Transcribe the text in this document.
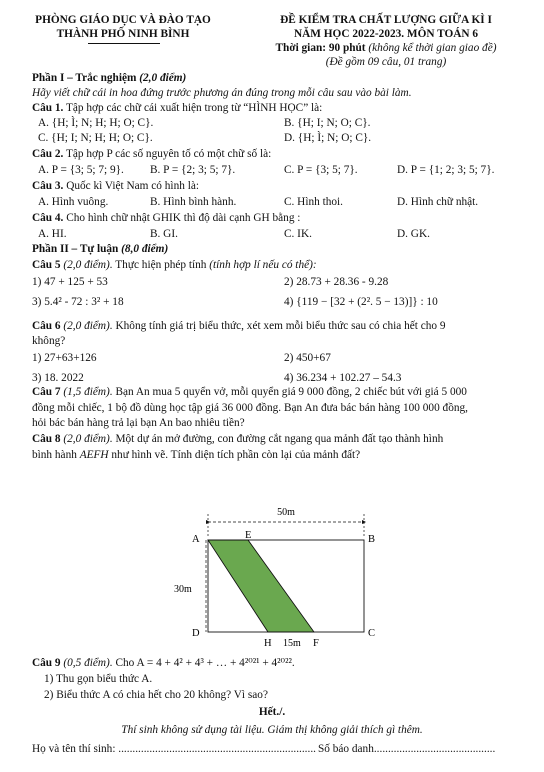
PHÒNG GIÁO DỤC VÀ ĐÀO TẠO
THÀNH PHỐ NINH BÌNH
ĐỀ KIỂM TRA CHẤT LƯỢNG GIỮA KÌ I
NĂM HỌC 2022-2023. MÔN TOÁN 6
Thời gian: 90 phút (không kể thời gian giao đề)
(Đề gồm 09 câu, 01 trang)
Phần I – Trắc nghiệm (2,0 điểm)
Hãy viết chữ cái in hoa đứng trước phương án đúng trong mỗi câu sau vào bài làm.
Câu 1. Tập hợp các chữ cái xuất hiện trong từ “HÌNH HỌC” là:
A. {H; Ì; N; H; H; O; C}.	B. {H; I; N; O; C}.
C. {H; I; N; H; H; O; C}.	D. {H; Ì; N; O; C}.
Câu 2. Tập hợp P các số nguyên tố có một chữ số là:
A. P = {3; 5; 7; 9}. B. P = {2; 3; 5; 7}.	C. P = {3; 5; 7}.	D. P = {1; 2; 3; 5; 7}.
Câu 3. Quốc kì Việt Nam có hình là:
A. Hình vuông.	B. Hình bình hành.	C. Hình thoi.	D. Hình chữ nhật.
Câu 4. Cho hình chữ nhật GHIK thì độ dài cạnh GH bằng :
A. HI.	B. GI.	C. IK.	D. GK.
Phần II – Tự luận (8,0 điểm)
Câu 5 (2,0 điểm). Thực hiện phép tính (tính hợp lí nếu có thể):
1) 47 + 125 + 53	2) 28.73 + 28.36 - 9.28
3) 5.4² - 72 : 3² + 18	4) {119 − [32 + (2². 5 − 13)]} : 10
Câu 6 (2,0 điểm). Không tính giá trị biểu thức, xét xem mỗi biểu thức sau có chia hết cho 9
không?
1) 27+63+126	2) 450+67
3) 18. 2022	4) 36.234 + 102.27 – 54.3
Câu 7 (1,5 điểm). Bạn An mua 5 quyển vở, mỗi quyển giá 9 000 đồng, 2 chiếc bút với giá 5 000
đồng mỗi chiếc, 1 bộ đồ dùng học tập giá 36 000 đồng. Bạn An đưa bác bán hàng 100 000 đồng,
hỏi bác bán hàng trả lại bạn An bao nhiêu tiền?
Câu 8 (2,0 điểm). Một dự án mở đường, con đường cắt ngang qua mảnh đất tạo thành hình
bình hành AEFH như hình vẽ. Tính diện tích phần còn lại của mảnh đất?
50m
30m
A	E	B
D
H 15m F
C
Câu 9 (0,5 điểm). Cho A = 4 + 4² + 4³ + … + 4²⁰²¹ + 4²⁰²².
1) Thu gọn biểu thức A.
2) Biểu thức A có chia hết cho 20 không? Vì sao?
Hết./.
Thí sinh không sử dụng tài liệu. Giám thị không giải thích gì thêm.
Họ và tên thí sinh: ...................................................................... Số báo danh...........................................
